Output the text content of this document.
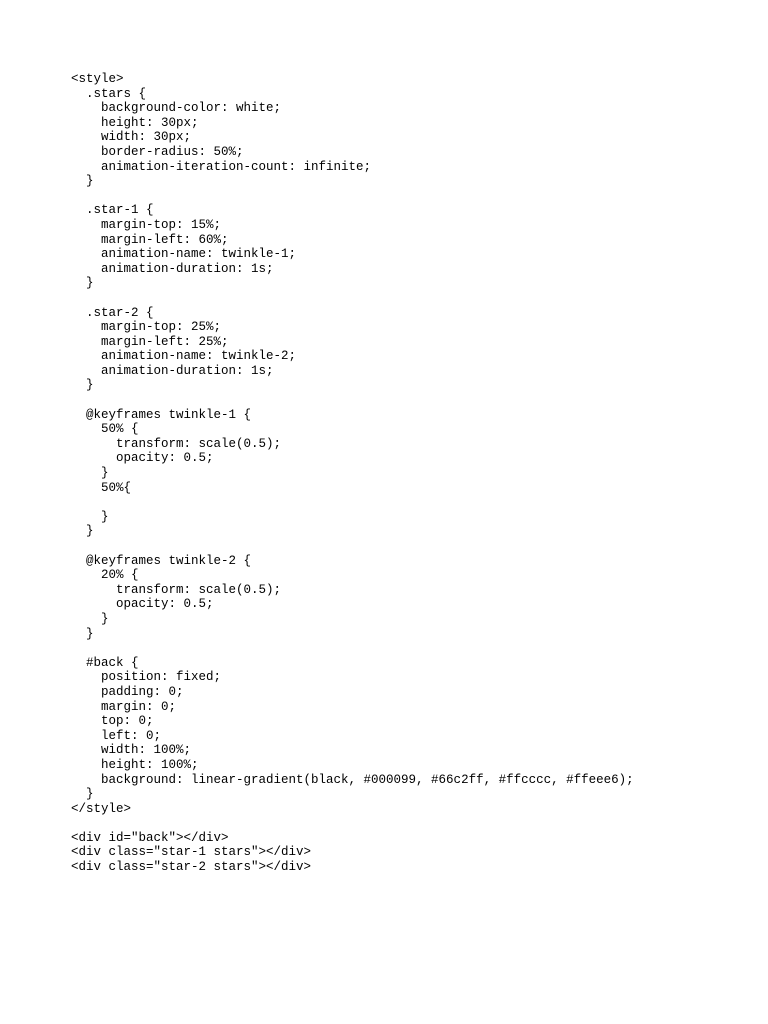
<style>
.stars {
background-color: white;
height: 30px;
width: 30px;
border-radius: 50%;
animation-iteration-count: infinite;
}
.star-1 {
margin-top: 15%;
margin-left: 60%;
animation-name: twinkle-1;
animation-duration: 1s;
}
.star-2 {
margin-top: 25%;
margin-left: 25%;
animation-name: twinkle-2;
animation-duration: 1s;
}
@keyframes twinkle-1 {
50% {
transform: scale(0.5);
opacity: 0.5;
}
50%{
}
}
@keyframes twinkle-2 {
20% {
transform: scale(0.5);
opacity: 0.5;
}
}
#back {
position: fixed;
padding: 0;
margin: 0;
top: 0;
left: 0;
width: 100%;
height: 100%;
background: linear-gradient(black, #000099, #66c2ff, #ffcccc, #ffeee6);
}
</style>
<div id="back"></div>
<div class="star-1 stars"></div>
<div class="star-2 stars"></div>
